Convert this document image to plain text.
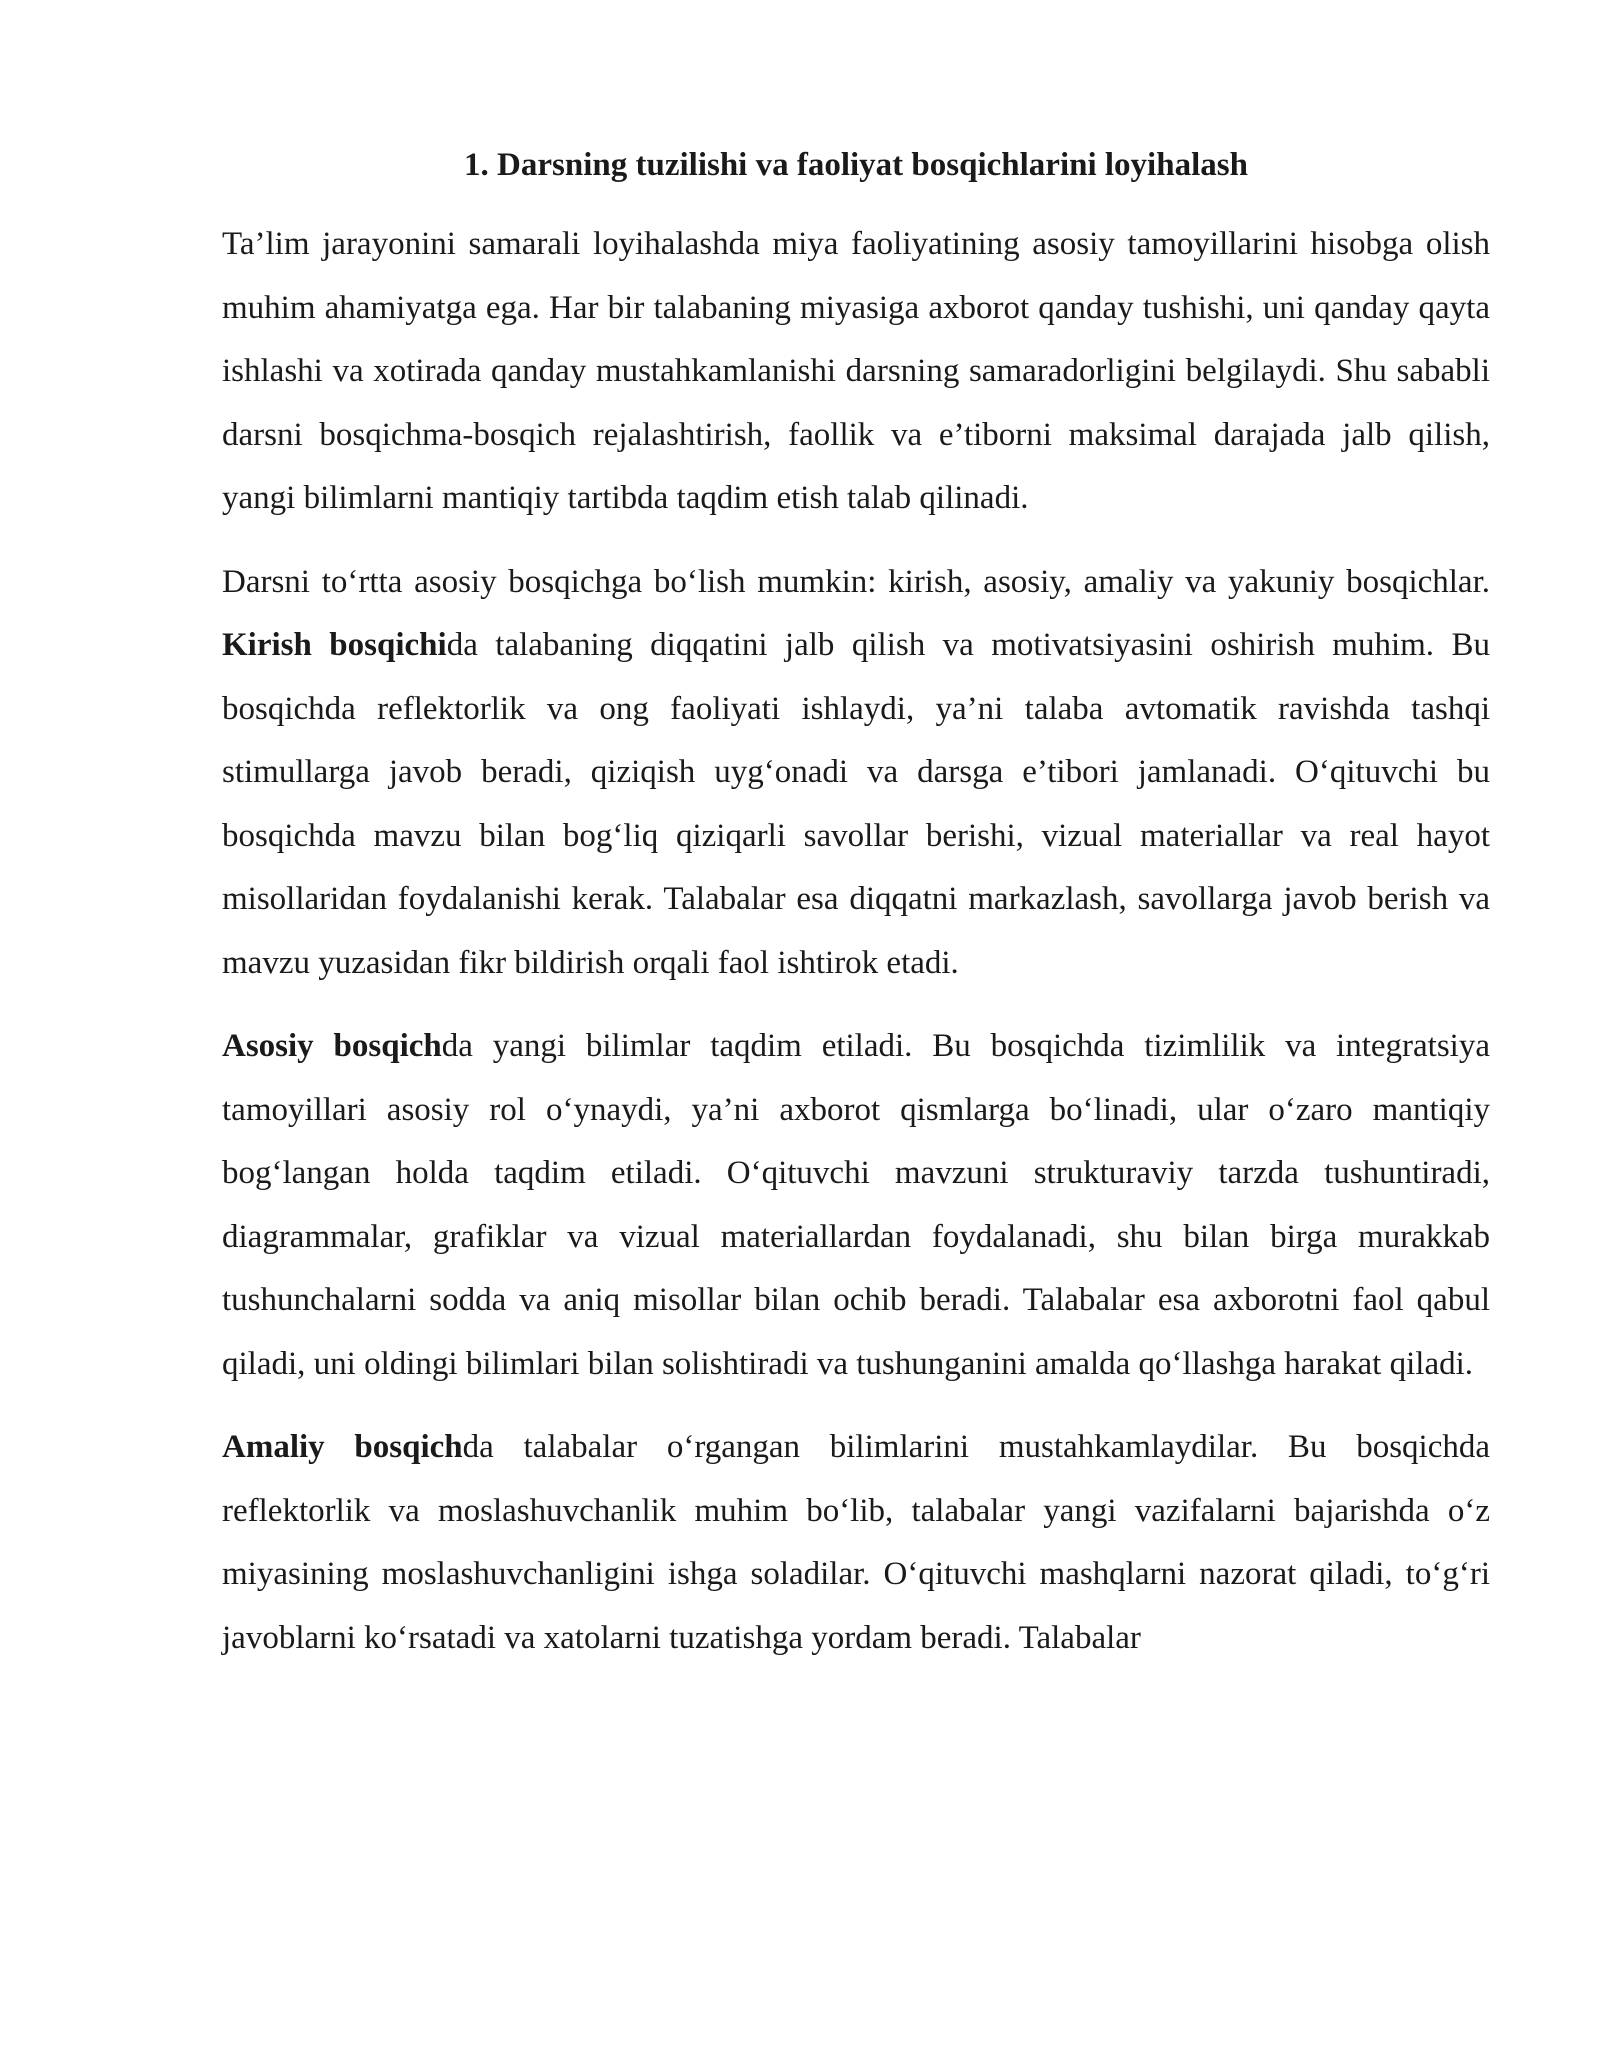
1. Darsning tuzilishi va faoliyat bosqichlarini loyihalash

Ta’lim jarayonini samarali loyihalashda miya faoliyatining asosiy tamoyillarini hisobga olish muhim ahamiyatga ega. Har bir talabaning miyasiga axborot qanday tushishi, uni qanday qayta ishlashi va xotirada qanday mustahkamlanishi darsning samaradorligini belgilaydi. Shu sababli darsni bosqichma-bosqich rejalashtirish, faollik va e’tiborni maksimal darajada jalb qilish, yangi bilimlarni mantiqiy tartibda taqdim etish talab qilinadi.

Darsni to‘rtta asosiy bosqichga bo‘lish mumkin: kirish, asosiy, amaliy va yakuniy bosqichlar. Kirish bosqichida talabaning diqqatini jalb qilish va motivatsiyasini oshirish muhim. Bu bosqichda reflektorlik va ong faoliyati ishlaydi, ya’ni talaba avtomatik ravishda tashqi stimullarga javob beradi, qiziqish uyg‘onadi va darsga e’tibori jamlanadi. O‘qituvchi bu bosqichda mavzu bilan bog‘liq qiziqarli savollar berishi, vizual materiallar va real hayot misollaridan foydalanishi kerak. Talabalar esa diqqatni markazlash, savollarga javob berish va mavzu yuzasidan fikr bildirish orqali faol ishtirok etadi.

Asosiy bosqichda yangi bilimlar taqdim etiladi. Bu bosqichda tizimlilik va integratsiya tamoyillari asosiy rol o‘ynaydi, ya’ni axborot qismlarga bo‘linadi, ular o‘zaro mantiqiy bog‘langan holda taqdim etiladi. O‘qituvchi mavzuni strukturaviy tarzda tushuntiradi, diagrammalar, grafiklar va vizual materiallardan foydalanadi, shu bilan birga murakkab tushunchalarni sodda va aniq misollar bilan ochib beradi. Talabalar esa axborotni faol qabul qiladi, uni oldingi bilimlari bilan solishtiradi va tushunganini amalda qo‘llashga harakat qiladi.

Amaliy bosqichda talabalar o‘rgangan bilimlarini mustahkamlaydilar. Bu bosqichda reflektorlik va moslashuvchanlik muhim bo‘lib, talabalar yangi vazifalarni bajarishda o‘z miyasining moslashuvchanligini ishga soladilar. O‘qituvchi mashqlarni nazorat qiladi, to‘g‘ri javoblarni ko‘rsatadi va xatolarni tuzatishga yordam beradi. Talabalar
